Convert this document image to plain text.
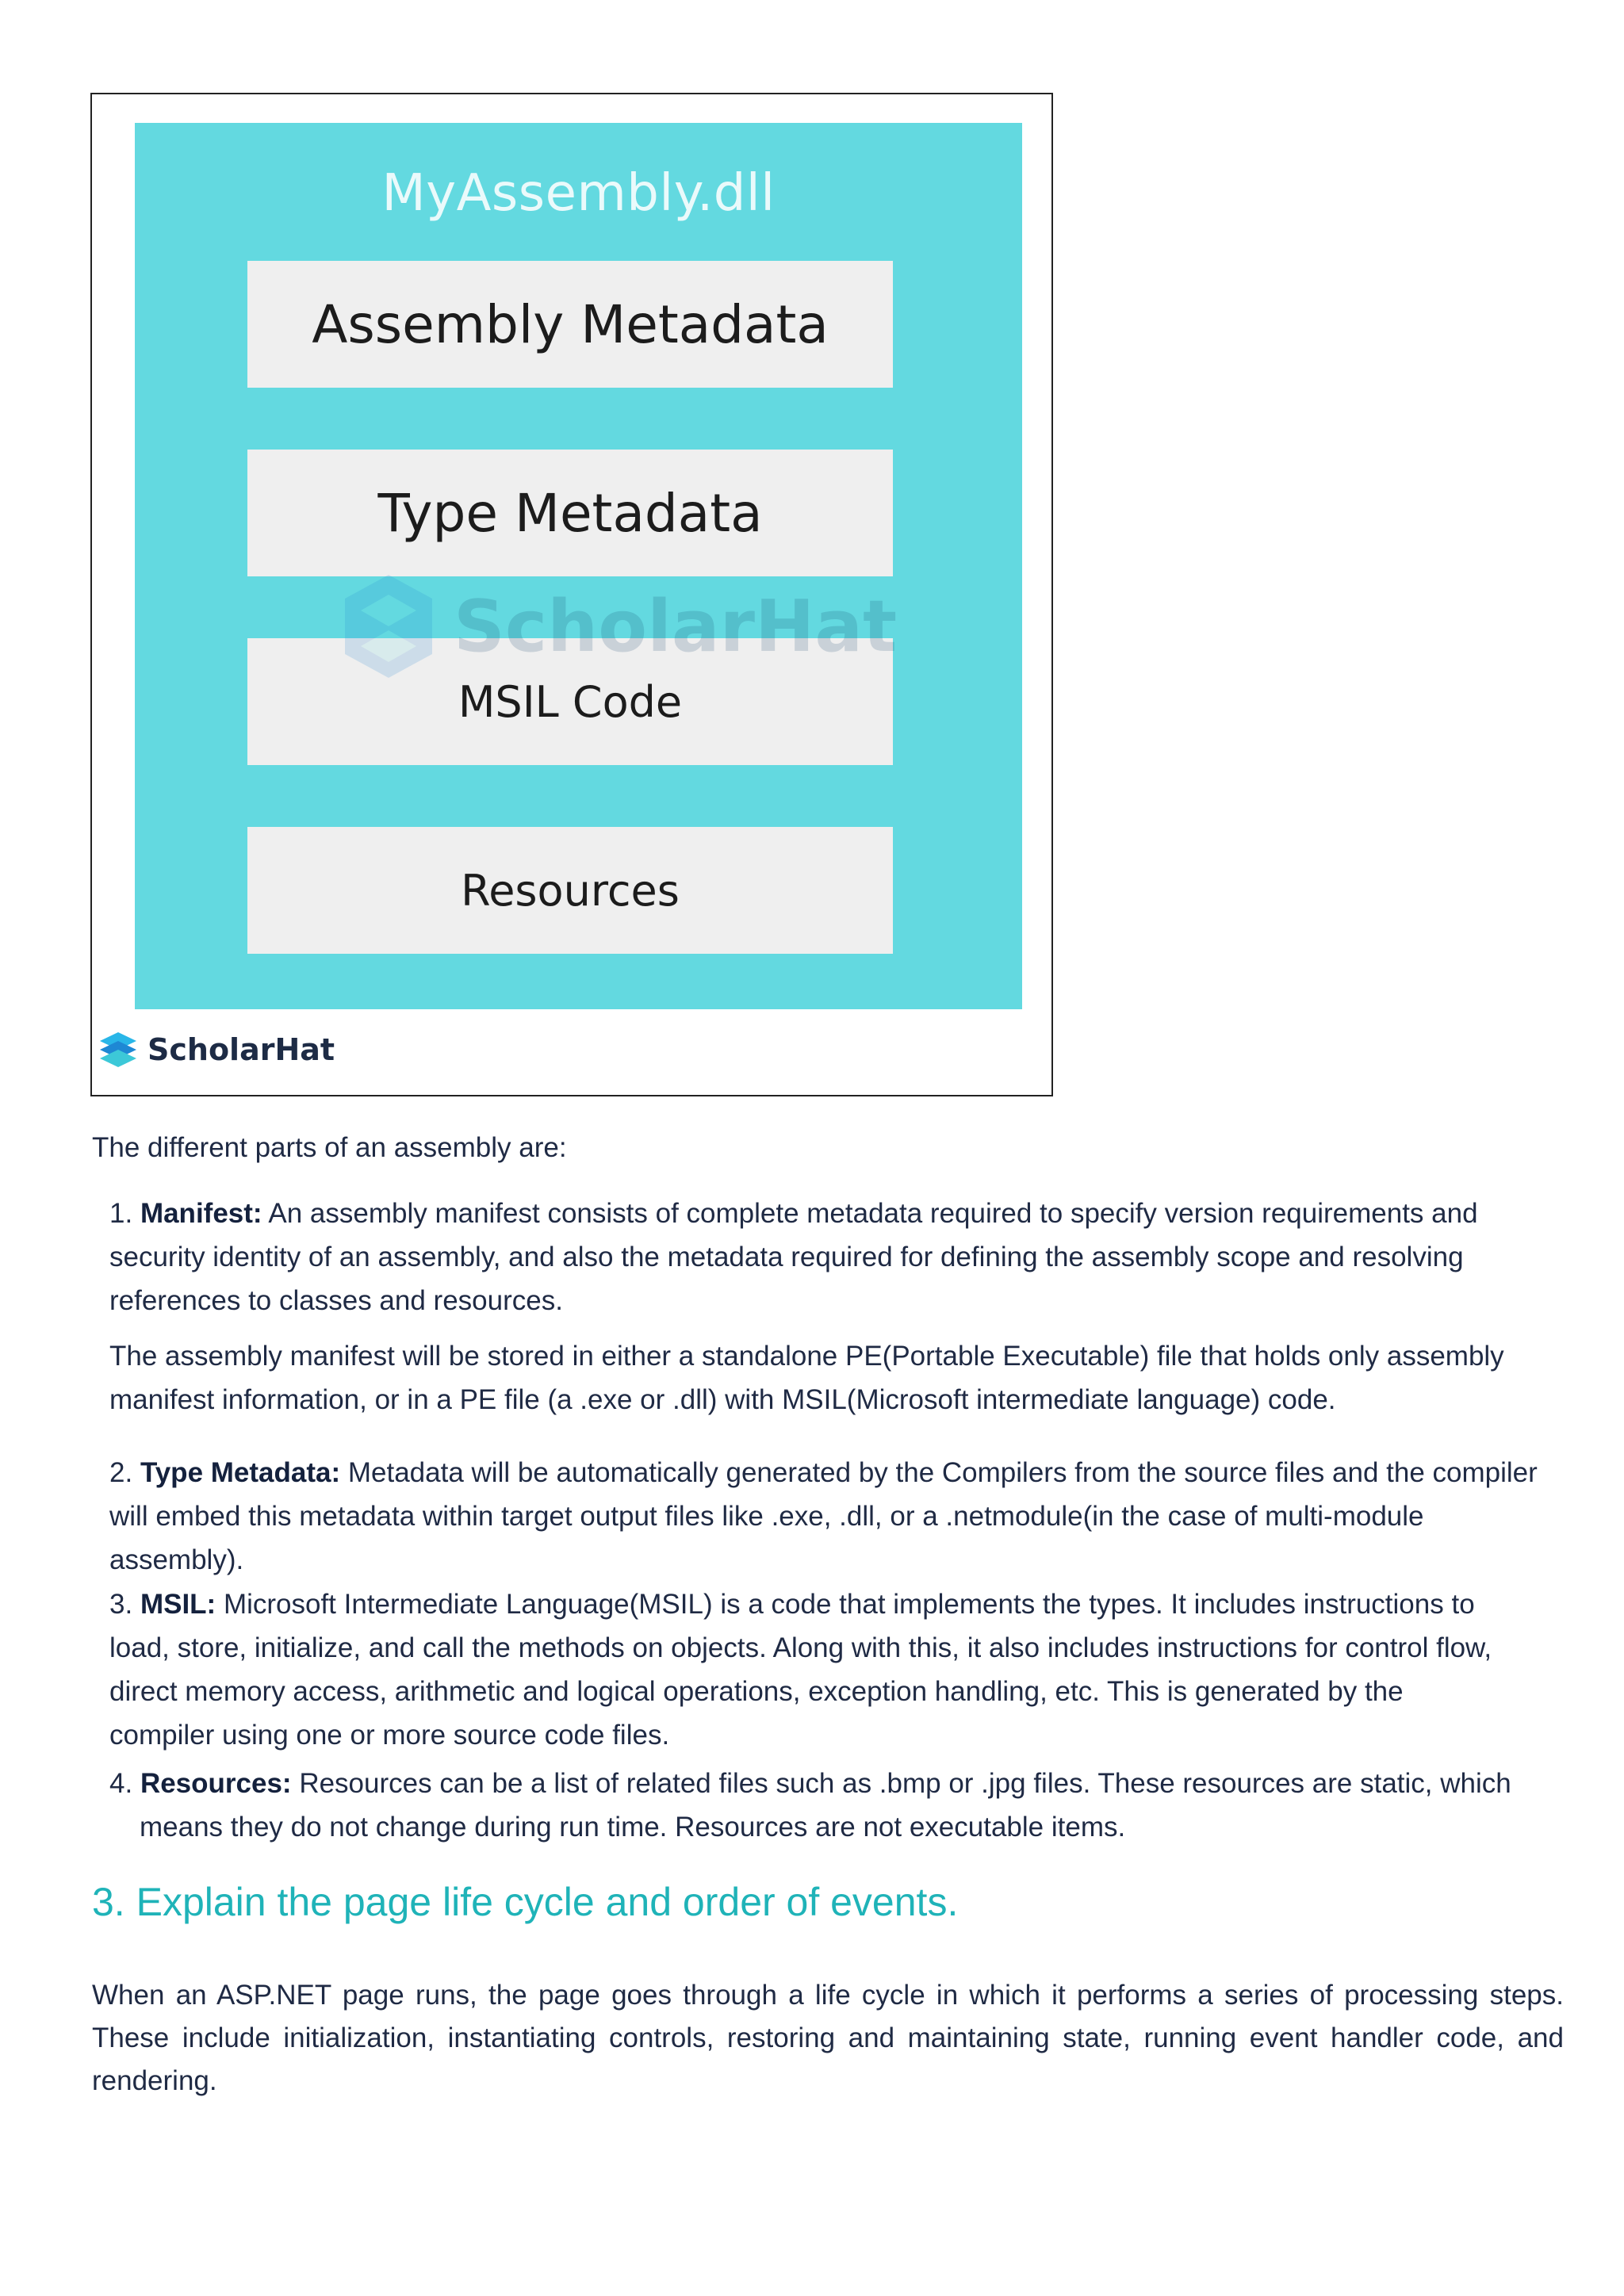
MyAssembly.dll
Assembly Metadata
Type Metadata
MSIL Code
Resources
ScholarHat
ScholarHat
The different parts of an assembly are:
1. Manifest: An assembly manifest consists of complete metadata required to specify version requirements and
security identity of an assembly, and also the metadata required for defining the assembly scope and resolving
references to classes and resources.
The assembly manifest will be stored in either a standalone PE(Portable Executable) file that holds only assembly
manifest information, or in a PE file (a .exe or .dll) with MSIL(Microsoft intermediate language) code.
2. Type Metadata: Metadata will be automatically generated by the Compilers from the source files and the compiler
will embed this metadata within target output files like .exe, .dll, or a .netmodule(in the case of multi-module
assembly).
3. MSIL: Microsoft Intermediate Language(MSIL) is a code that implements the types. It includes instructions to
load, store, initialize, and call the methods on objects. Along with this, it also includes instructions for control flow,
direct memory access, arithmetic and logical operations, exception handling, etc. This is generated by the
compiler using one or more source code files.
4. Resources: Resources can be a list of related files such as .bmp or .jpg files. These resources are static, which
means they do not change during run time. Resources are not executable items.
3. Explain the page life cycle and order of events.
When an ASP.NET page runs, the page goes through a life cycle in which it performs a series of processing steps. These include initialization, instantiating controls, restoring and maintaining state, running event handler code, and rendering.
